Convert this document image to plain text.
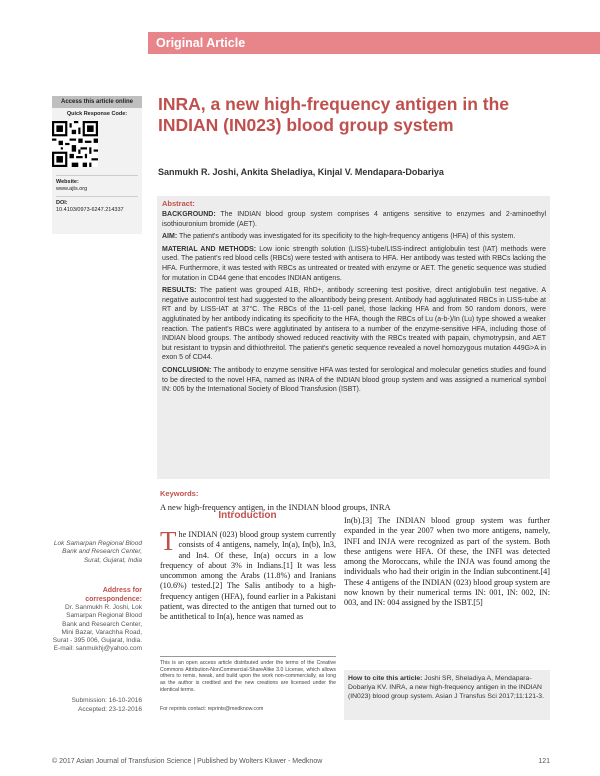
Original Article
Access this article online
Quick Response Code:
Website:
www.ajts.org
DOI:
10.4103/0973-6247.214337
INRA, a new high-frequency antigen in the INDIAN (IN023) blood group system
Sanmukh R. Joshi, Ankita Sheladiya, Kinjal V. Mendapara-Dobariya
Abstract:

BACKGROUND: The INDIAN blood group system comprises 4 antigens sensitive to enzymes and 2-aminoethyl isothiouronium bromide (AET).

AIM: The patient's antibody was investigated for its specificity to the high-frequency antigens (HFA) of this system.

MATERIAL AND METHODS: Low ionic strength solution (LISS)-tube/LISS-indirect antiglobulin test (IAT) methods were used. The patient's red blood cells (RBCs) were tested with antisera to HFA. Her antibody was tested with RBCs lacking the HFA. Furthermore, it was tested with RBCs as untreated or treated with enzyme or AET. The genetic sequence was studied for mutation in CD44 gene that encodes INDIAN antigens.

RESULTS: The patient was grouped A1B, RhD+, antibody screening test positive, direct antiglobulin test negative. A negative autocontrol test had suggested to the alloantibody being present. Antibody had agglutinated RBCs in LISS-tube at RT and by LISS-IAT at 37°C. The RBCs of the 11-cell panel, those lacking HFA and from 50 random donors, were agglutinated by her antibody indicating its specificity to the HFA, though the RBCs of Lu (a-b-)/In (Lu) type showed a weaker reaction. The patient's RBCs were agglutinated by antisera to a number of the enzyme-sensitive HFA, including those of INDIAN blood groups. The antibody showed reduced reactivity with the RBCs treated with papain, chymotrypsin, and AET but resistant to trypsin and dithiothreitol. The patient's genetic sequence revealed a novel homozygous mutation 449G>A in exon 5 of CD44.

CONCLUSION: The antibody to enzyme sensitive HFA was tested for serological and molecular genetics studies and found to be directed to the novel HFA, named as INRA of the INDIAN blood group system and was assigned a numerical symbol IN: 005 by the International Society of Blood Transfusion (ISBT).

Keywords:
A new high-frequency antigen, in the INDIAN blood groups, INRA
Lok Samarpan Regional Blood Bank and Research Center, Surat, Gujarat, India
Address for correspondence:
Dr. Sanmukh R. Joshi, Lok Samarpan Regional Blood Bank and Research Center, Mini Bazar, Varachha Road, Surat - 395 006, Gujarat, India. E-mail: sanmukhj@yahoo.com
Submission: 16-10-2016
Accepted: 23-12-2016
Introduction
The INDIAN (023) blood group system currently consists of 4 antigens, namely, In(a), In(b), In3, and In4. Of these, In(a) occurs in a low frequency of about 3% in Indians.[1] It was less uncommon among the Arabs (11.8%) and Iranians (10.6%) tested.[2] The Salis antibody to a high-frequency antigen (HFA), found earlier in a Pakistani patient, was directed to the antigen that turned out to be antithetical to In(a), hence was named as
In(b).[3] The INDIAN blood group system was further expanded in the year 2007 when two more antigens, namely, INFI and INJA were recognized as part of the system. Both these antigens were HFA. Of these, the INFI was detected among the Moroccans, while the INJA was found among the individuals who had their origin in the Indian subcontinent.[4] These 4 antigens of the INDIAN (023) blood group system are now known by their numerical terms IN: 001, IN: 002, IN: 003, and IN: 004 assigned by the ISBT.[5]
This is an open access article distributed under the terms of the Creative Commons Attribution-NonCommercial-ShareAlike 3.0 License, which allows others to remix, tweak, and build upon the work non-commercially, as long as the author is credited and the new creations are licensed under the identical terms.
For reprints contact: reprints@medknow.com
How to cite this article: Joshi SR, Sheladiya A, Mendapara-Dobariya KV. INRA, a new high-frequency antigen in the INDIAN (IN023) blood group system. Asian J Transfus Sci 2017;11:121-3.
© 2017 Asian Journal of Transfusion Science | Published by Wolters Kluwer - Medknow	121
